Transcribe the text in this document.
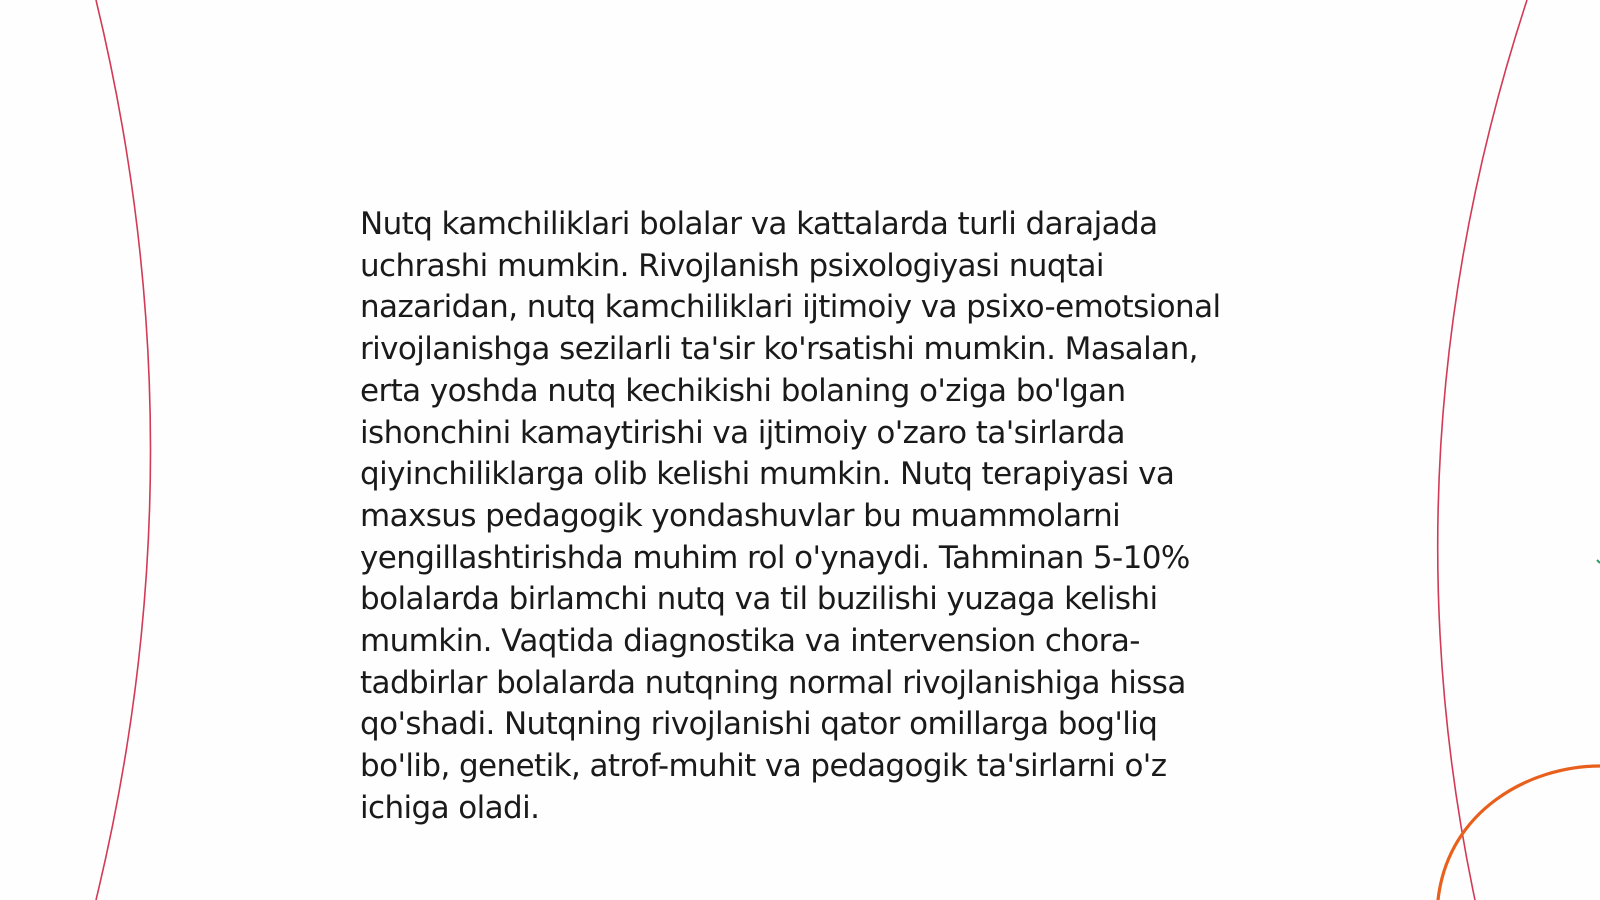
Nutq kamchiliklari bolalar va kattalarda turli darajada uchrashi mumkin. Rivojlanish psixologiyasi nuqtai nazaridan, nutq kamchiliklari ijtimoiy va psixo-emotsional rivojlanishga sezilarli ta'sir ko'rsatishi mumkin. Masalan, erta yoshda nutq kechikishi bolaning o'ziga bo'lgan ishonchini kamaytirishi va ijtimoiy o'zaro ta'sirlarda qiyinchiliklarga olib kelishi mumkin. Nutq terapiyasi va maxsus pedagogik yondashuvlar bu muammolarni yengillashtirishda muhim rol o'ynaydi. Tahminan 5-10% bolalarda birlamchi nutq va til buzilishi yuzaga kelishi mumkin. Vaqtida diagnostika va intervension chora-tadbirlar bolalarda nutqning normal rivojlanishiga hissa qo'shadi. Nutqning rivojlanishi qator omillarga bog'liq bo'lib, genetik, atrof-muhit va pedagogik ta'sirlarni o'z ichiga oladi.
